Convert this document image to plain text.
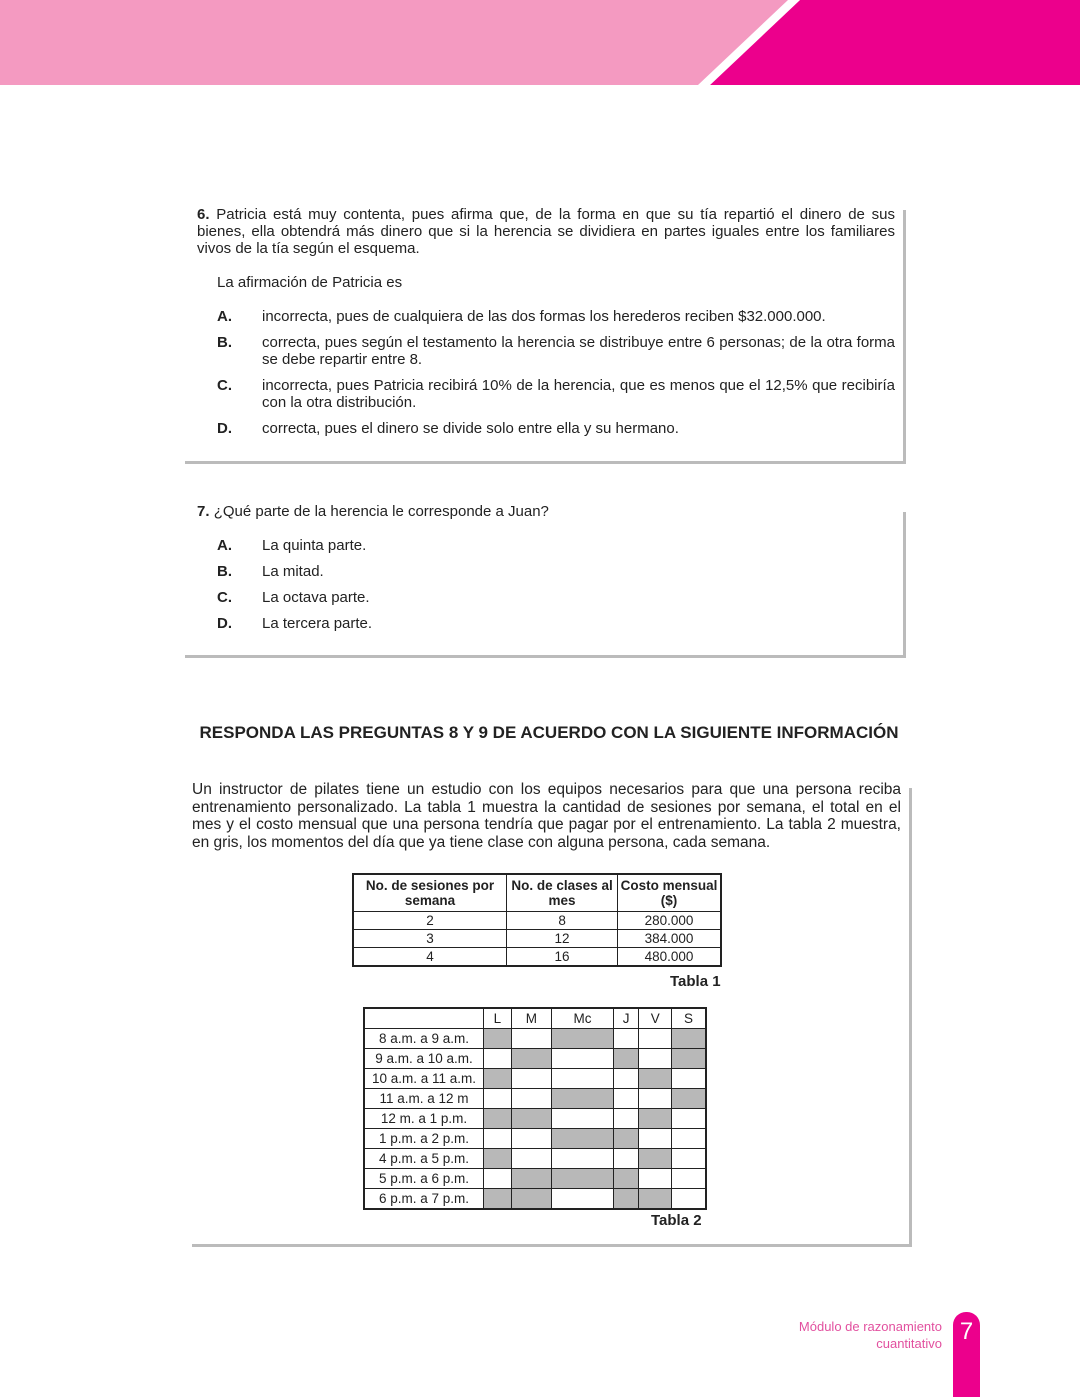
6. Patricia está muy contenta, pues afirma que, de la forma en que su tía repartió el dinero de sus bienes, ella obtendrá más dinero que si la herencia se dividiera en partes iguales entre los familiares vivos de la tía según el esquema.
La afirmación de Patricia es
A. incorrecta, pues de cualquiera de las dos formas los herederos reciben $32.000.000.
B. correcta, pues según el testamento la herencia se distribuye entre 6 personas; de la otra forma se debe repartir entre 8.
C. incorrecta, pues Patricia recibirá 10% de la herencia, que es menos que el 12,5% que recibiría con la otra distribución.
D. correcta, pues el dinero se divide solo entre ella y su hermano.
7. ¿Qué parte de la herencia le corresponde a Juan?
A. La quinta parte.
B. La mitad.
C. La octava parte.
D. La tercera parte.
RESPONDA LAS PREGUNTAS 8 Y 9 DE ACUERDO CON LA SIGUIENTE INFORMACIÓN
Un instructor de pilates tiene un estudio con los equipos necesarios para que una persona reciba entrenamiento personalizado. La tabla 1 muestra la cantidad de sesiones por semana, el total en el mes y el costo mensual que una persona tendría que pagar por el entrenamiento. La tabla 2 muestra, en gris, los momentos del día que ya tiene clase con alguna persona, cada semana.
No. de sesiones por semana	No. de clases al mes	Costo mensual ($)
2	8	280.000
3	12	384.000
4	16	480.000
Tabla 1
	L	M	Mc	J	V	S
8 a.m. a 9 a.m.						
9 a.m. a 10 a.m.						
10 a.m. a 11 a.m.						
11 a.m. a 12 m						
12 m. a 1 p.m.						
1 p.m. a 2 p.m.						
4 p.m. a 5 p.m.						
5 p.m. a 6 p.m.						
6 p.m. a 7 p.m.						
Tabla 2
Módulo de razonamiento
cuantitativo 7
